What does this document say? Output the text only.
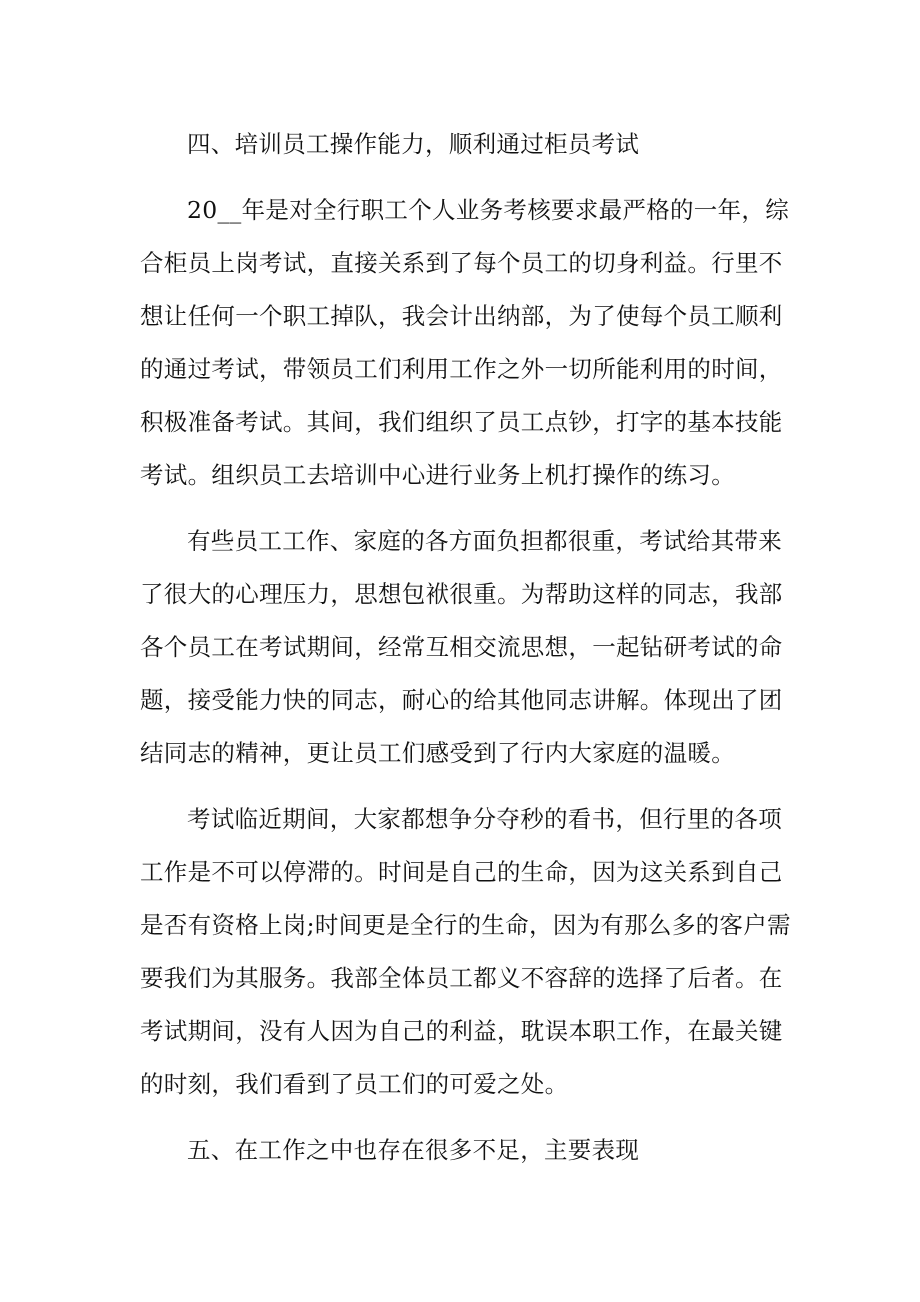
四、培训员工操作能力，顺利通过柜员考试
20__年是对全行职工个人业务考核要求最严格的一年，综
合柜员上岗考试，直接关系到了每个员工的切身利益。行里不
想让任何一个职工掉队，我会计出纳部，为了使每个员工顺利
的通过考试，带领员工们利用工作之外一切所能利用的时间，
积极准备考试。其间，我们组织了员工点钞，打字的基本技能
考试。组织员工去培训中心进行业务上机打操作的练习。
有些员工工作、家庭的各方面负担都很重，考试给其带来
了很大的心理压力，思想包袱很重。为帮助这样的同志，我部
各个员工在考试期间，经常互相交流思想，一起钻研考试的命
题，接受能力快的同志，耐心的给其他同志讲解。体现出了团
结同志的精神，更让员工们感受到了行内大家庭的温暖。
考试临近期间，大家都想争分夺秒的看书，但行里的各项
工作是不可以停滞的。时间是自己的生命，因为这关系到自己
是否有资格上岗;时间更是全行的生命，因为有那么多的客户需
要我们为其服务。我部全体员工都义不容辞的选择了后者。在
考试期间，没有人因为自己的利益，耽误本职工作，在最关键
的时刻，我们看到了员工们的可爱之处。
五、在工作之中也存在很多不足，主要表现
